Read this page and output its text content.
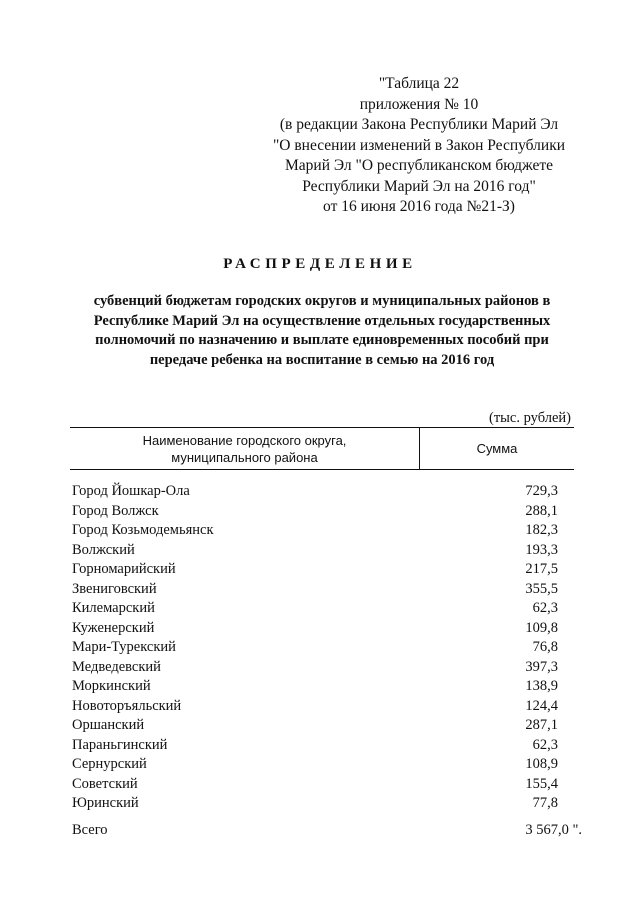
"Таблица 22
приложения № 10
(в редакции Закона Республики Марий Эл
"О внесении изменений в Закон Республики
Марий Эл "О республиканском бюджете
Республики Марий Эл на 2016 год"
от 16 июня 2016 года №21-З)
РАСПРЕДЕЛЕНИЕ
субвенций бюджетам городских округов и муниципальных районов в
Республике Марий Эл на осуществление отдельных государственных
полномочий по назначению и выплате единовременных пособий при
передаче ребенка на воспитание в семью на 2016 год
(тыс. рублей)
Наименование городского округа,
муниципального района
Сумма
Город Йошкар-Ола	729,3
Город Волжск	288,1
Город Козьмодемьянск	182,3
Волжский	193,3
Горномарийский	217,5
Звениговский	355,5
Килемарский	62,3
Куженерский	109,8
Мари-Турекский	76,8
Медведевский	397,3
Моркинский	138,9
Новоторъяльский	124,4
Оршанский	287,1
Параньгинский	62,3
Сернурский	108,9
Советский	155,4
Юринский	77,8
Всего	3 567,0 ".
